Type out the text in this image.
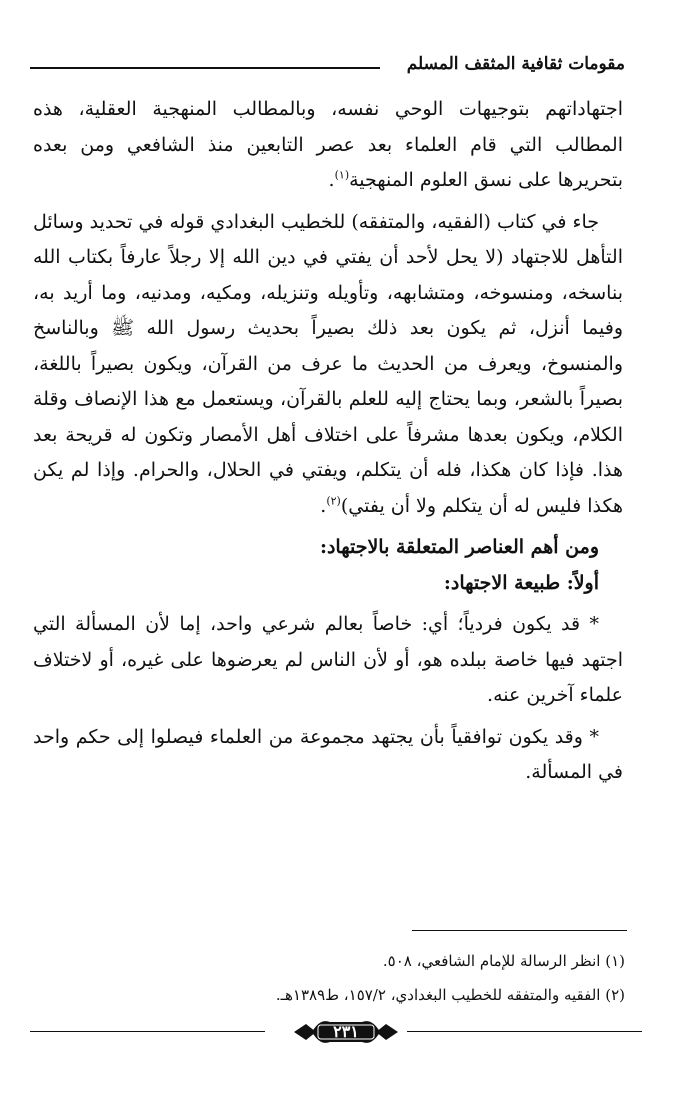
مقومات ثقافية المثقف المسلم

اجتهاداتهم بتوجيهات الوحي نفسه، وبالمطالب المنهجية العقلية، هذه المطالب التي قام العلماء بعد عصر التابعين منذ الشافعي ومن بعده بتحريرها على نسق العلوم المنهجية$^{(١)}$.

جاء في كتاب (الفقيه، والمتفقه) للخطيب البغدادي قوله في تحديد وسائل التأهل للاجتهاد (لا يحل لأحد أن يفتي في دين الله إلا رجلاً عارفاً بكتاب الله بناسخه، ومنسوخه، ومتشابهه، وتأويله وتنزيله، ومكيه، ومدنيه، وما أريد به، وفيما أنزل، ثم يكون بعد ذلك بصيراً بحديث رسول الله ﷺ وبالناسخ والمنسوخ، ويعرف من الحديث ما عرف من القرآن، ويكون بصيراً باللغة، بصيراً بالشعر، وبما يحتاج إليه للعلم بالقرآن، ويستعمل مع هذا الإنصاف وقلة الكلام، ويكون بعدها مشرفاً على اختلاف أهل الأمصار وتكون له قريحة بعد هذا. فإذا كان هكذا، فله أن يتكلم، ويفتي في الحلال، والحرام. وإذا لم يكن هكذا فليس له أن يتكلم ولا أن يفتي)$^{(٢)}$.

ومن أهم العناصر المتعلقة بالاجتهاد:

أولاً: طبيعة الاجتهاد:

* قد يكون فردياً؛ أي: خاصاً بعالم شرعي واحد، إما لأن المسألة التي اجتهد فيها خاصة ببلده هو، أو لأن الناس لم يعرضوها على غيره، أو لاختلاف علماء آخرين عنه.

* وقد يكون توافقياً بأن يجتهد مجموعة من العلماء فيصلوا إلى حكم واحد في المسألة.

(١) انظر الرسالة للإمام الشافعي، ٥٠٨.

(٢) الفقيه والمتفقه للخطيب البغدادي، ١٥٧/٢، ط١٣٨٩هـ.

٢٣١
